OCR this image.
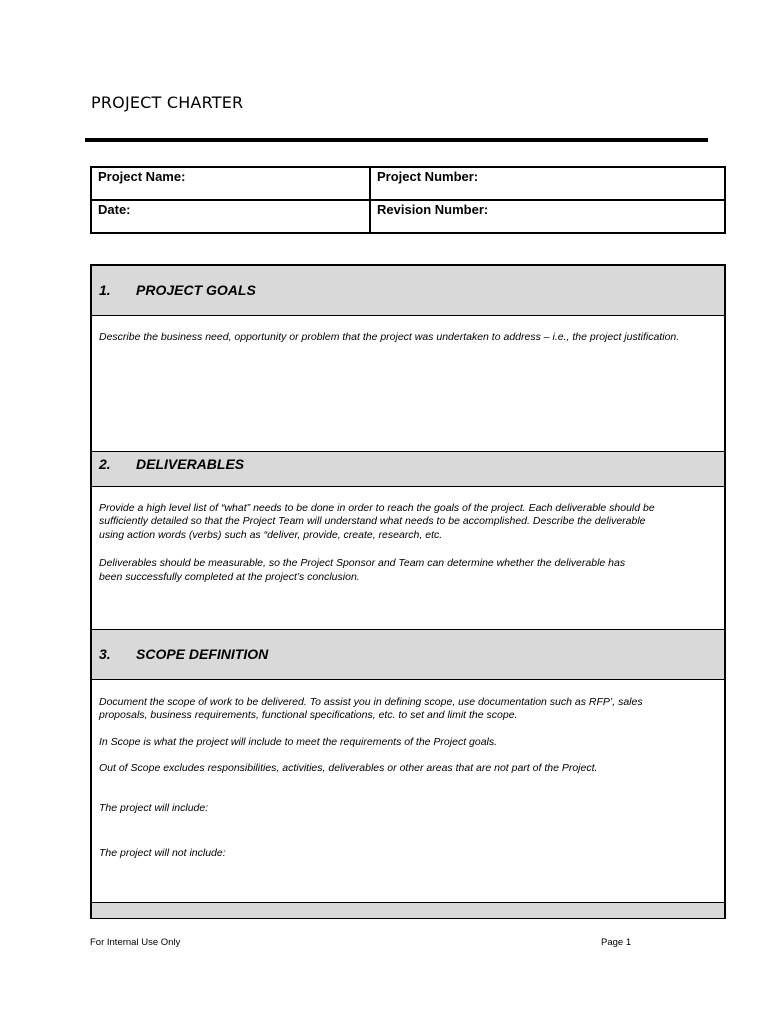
PROJECT CHARTER
Project Name:	Project Number:
Date:	Revision Number:
1. PROJECT GOALS

Describe the business need, opportunity or problem that the project was undertaken to address – i.e., the project justification.

2. DELIVERABLES

Provide a high level list of “what” needs to be done in order to reach the goals of the project. Each deliverable should be sufficiently detailed so that the Project Team will understand what needs to be accomplished. Describe the deliverable using action words (verbs) such as “deliver, provide, create, research, etc.

Deliverables should be measurable, so the Project Sponsor and Team can determine whether the deliverable has been successfully completed at the project’s conclusion.

3. SCOPE DEFINITION

Document the scope of work to be delivered. To assist you in defining scope, use documentation such as RFP’, sales proposals, business requirements, functional specifications, etc. to set and limit the scope.

In Scope is what the project will include to meet the requirements of the Project goals.

Out of Scope excludes responsibilities, activities, deliverables or other areas that are not part of the Project.

The project will include:

The project will not include:

For Internal Use Only	Page 1
